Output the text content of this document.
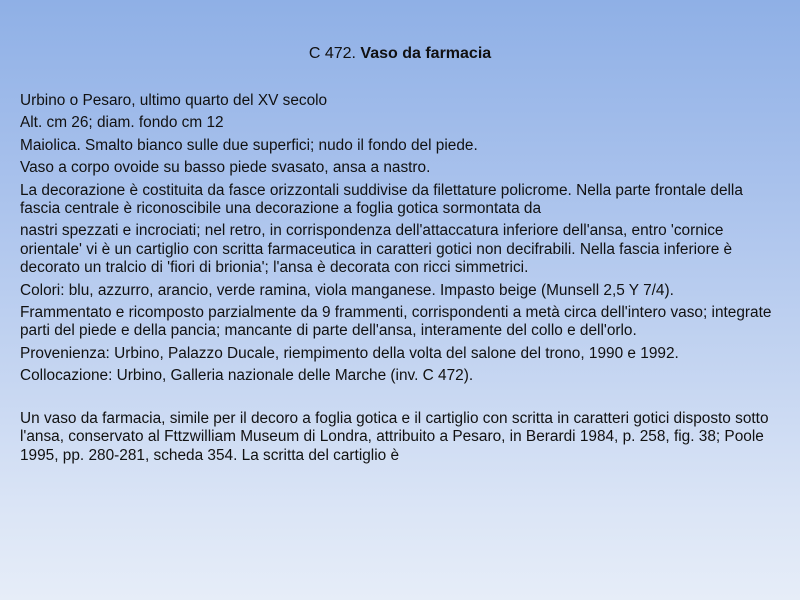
C 472. Vaso da farmacia

Urbino o Pesaro, ultimo quarto del XV secolo

Alt. cm 26; diam. fondo cm 12

Maiolica. Smalto bianco sulle due superfici; nudo il fondo del piede.

Vaso a corpo ovoide su basso piede svasato, ansa a nastro.

La decorazione è costituita da fasce orizzontali suddivise da filettature policrome. Nella parte frontale della fascia centrale è riconoscibile una decorazione a foglia gotica sormontata da

nastri spezzati e incrociati; nel retro, in corrispondenza dell'attaccatura inferiore dell'ansa, entro 'cornice orientale' vi è un cartiglio con scritta farmaceutica in caratteri gotici non decifrabili. Nella fascia inferiore è decorato un tralcio di 'fiori di brionia'; l'ansa è decorata con ricci simmetrici.

Colori: blu, azzurro, arancio, verde ramina, viola manganese. Impasto beige (Munsell 2,5 Y 7/4).

Frammentato e ricomposto parzialmente da 9 frammenti, corrispondenti a metà circa dell'intero vaso; integrate parti del piede e della pancia; mancante di parte dell'ansa, interamente del collo e dell'orlo.

Provenienza: Urbino, Palazzo Ducale, riempimento della volta del salone del trono, 1990 e 1992.

Collocazione: Urbino, Galleria nazionale delle Marche (inv. C 472).

Un vaso da farmacia, simile per il decoro a foglia gotica e il cartiglio con scritta in caratteri gotici disposto sotto l'ansa, conservato al Fttzwilliam Museum di Londra, attribuito a Pesaro, in Berardi 1984, p. 258, fig. 38; Poole 1995, pp. 280-281, scheda 354. La scritta del cartiglio è
